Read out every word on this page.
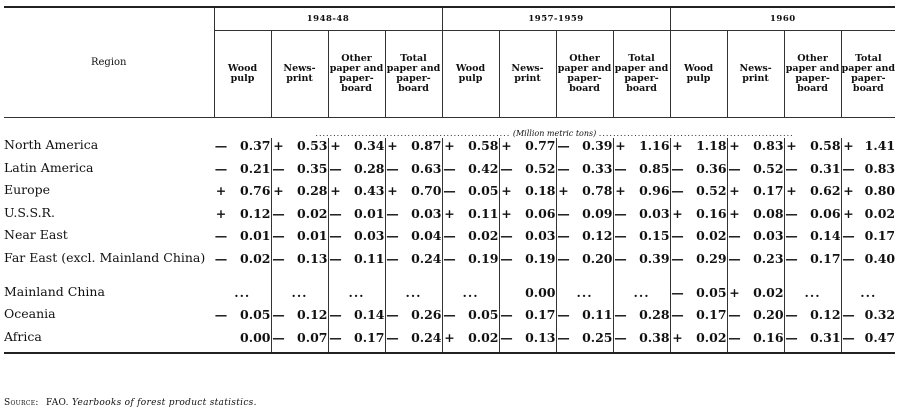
Region	1948-48				1957-1959				1960			
	Wood pulp	News-print	Other paper and paper-board	Total paper and paper-board	Wood pulp	News-print	Other paper and paper-board	Total paper and paper-board	Wood pulp	News-print	Other paper and paper-board	Total paper and paper-board
	....................................................... (Million metric tons) .......................................................											
North America	— 0.37	+ 0.53	+ 0.34	+ 0.87	+ 0.58	+ 0.77	— 0.39	+ 1.16	+ 1.18	+ 0.83	+ 0.58	+ 1.41

Latin America	— 0.21	— 0.35	— 0.28	— 0.63	— 0.42	— 0.52	— 0.33	— 0.85	— 0.36	— 0.52	— 0.31	— 0.83

Europe	+ 0.76	+ 0.28	+ 0.43	+ 0.70	— 0.05	+ 0.18	+ 0.78	+ 0.96	— 0.52	+ 0.17	+ 0.62	+ 0.80

U.S.S.R.	+ 0.12	— 0.02	— 0.01	— 0.03	+ 0.11	+ 0.06	— 0.09	— 0.03	+ 0.16	+ 0.08	— 0.06	+ 0.02

Near East	— 0.01	— 0.01	— 0.03	— 0.04	— 0.02	— 0.03	— 0.12	— 0.15	— 0.02	— 0.03	— 0.14	— 0.17

Far East (excl. Mainland China)	— 0.02	— 0.13	— 0.11	— 0.24	— 0.19	— 0.19	— 0.20	— 0.39	— 0.29	— 0.23	— 0.17	— 0.40

Mainland China	...	...	...	...	...	0.00	...	...	— 0.05	+ 0.02	...	...

Oceania	— 0.05	— 0.12	— 0.14	— 0.26	— 0.05	— 0.17	— 0.11	— 0.28	— 0.17	— 0.20	— 0.12	— 0.32

Africa	0.00	— 0.07	— 0.17	— 0.24	+ 0.02	— 0.13	— 0.25	— 0.38	+ 0.02	— 0.16	— 0.31	— 0.47
Source: FAO. Yearbooks of forest product statistics.
